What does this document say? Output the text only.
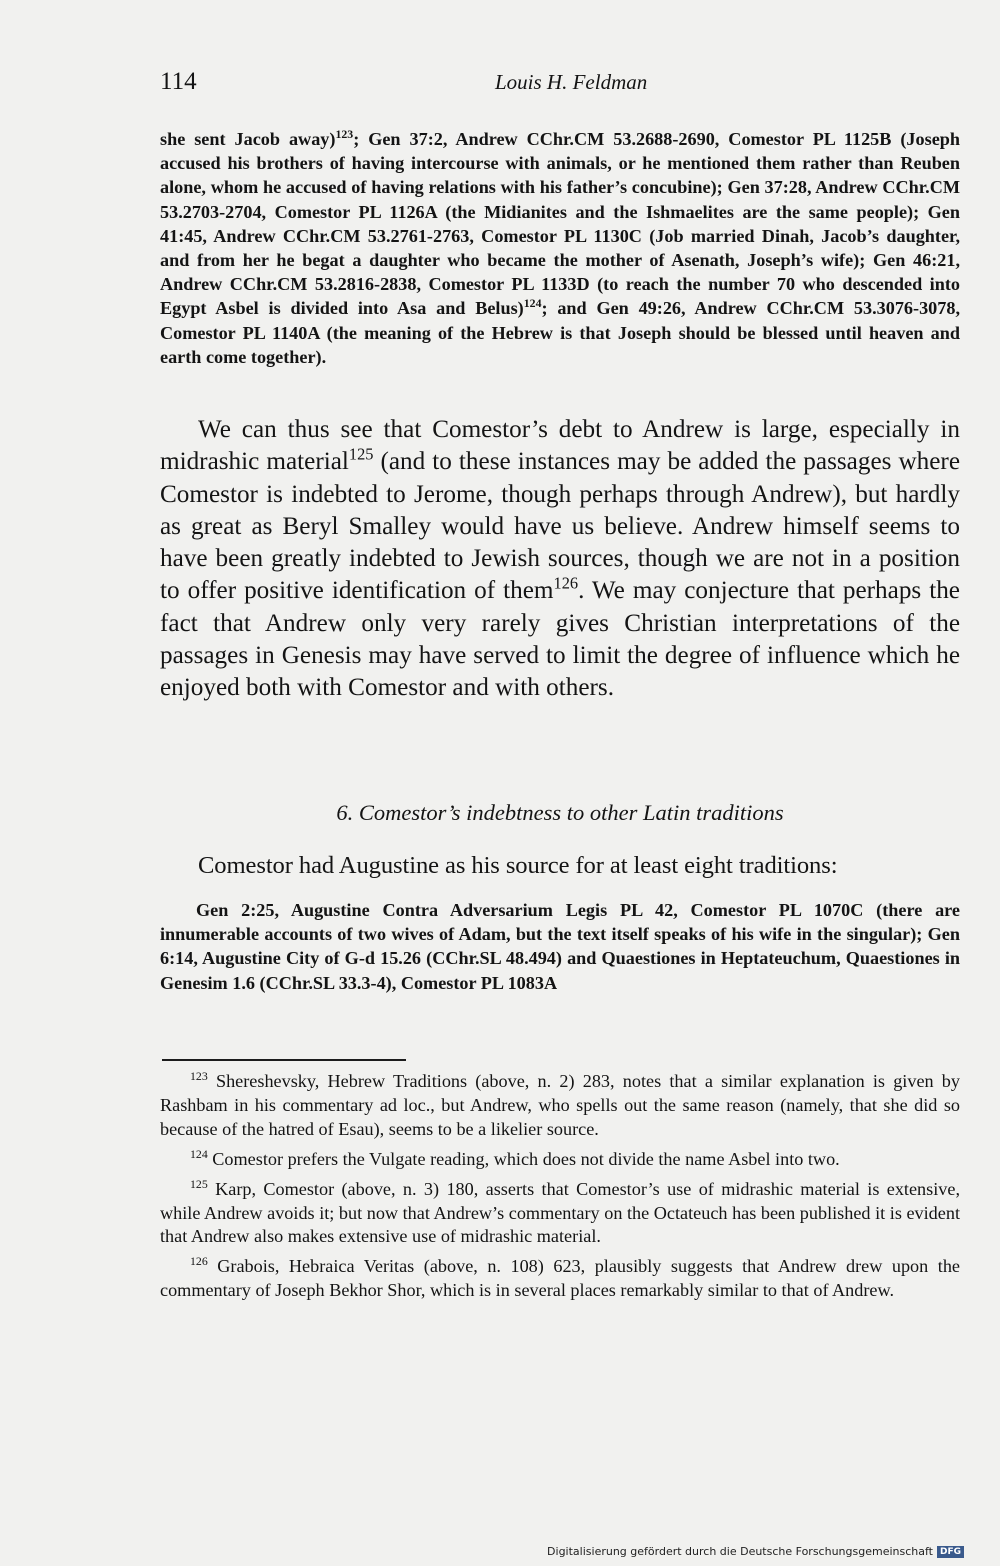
114	Louis H. Feldman

she sent Jacob away)$^{123}$; Gen 37:2, Andrew CChr.CM 53.2688-2690, Comestor PL 1125B (Joseph accused his brothers of having intercourse with animals, or he mentioned them rather than Reuben alone, whom he accused of having relations with his father’s concubine); Gen 37:28, Andrew CChr.CM 53.2703-2704, Comestor PL 1126A (the Midianites and the Ishmaelites are the same people); Gen 41:45, Andrew CChr.CM 53.2761-2763, Comestor PL 1130C (Job married Dinah, Jacob’s daughter, and from her he begat a daughter who became the mother of Asenath, Joseph’s wife); Gen 46:21, Andrew CChr.CM 53.2816-2838, Comestor PL 1133D (to reach the number 70 who descended into Egypt Asbel is divided into Asa and Belus)$^{124}$; and Gen 49:26, Andrew CChr.CM 53.3076-3078, Comestor PL 1140A (the meaning of the Hebrew is that Joseph should be blessed until heaven and earth come together).

We can thus see that Comestor’s debt to Andrew is large, especially in midrashic material$^{125}$ (and to these instances may be added the passages where Comestor is indebted to Jerome, though perhaps through Andrew), but hardly as great as Beryl Smalley would have us believe. Andrew himself seems to have been greatly indebted to Jewish sources, though we are not in a position to offer positive identification of them$^{126}$. We may conjecture that perhaps the fact that Andrew only very rarely gives Christian interpretations of the passages in Genesis may have served to limit the degree of influence which he enjoyed both with Comestor and with others.

6. Comestor’s indebtness to other Latin traditions
Comestor had Augustine as his source for at least eight traditions:

Gen 2:25, Augustine Contra Adversarium Legis PL 42, Comestor PL 1070C (there are innumerable accounts of two wives of Adam, but the text itself speaks of his wife in the singular); Gen 6:14, Augustine City of G-d 15.26 (CChr.SL 48.494) and Quaestiones in Heptateuchum, Quaestiones in Genesim 1.6 (CChr.SL 33.3-4), Comestor PL 1083A

$^{123}$ Shereshevsky, Hebrew Traditions (above, n. 2) 283, notes that a similar explanation is given by Rashbam in his commentary ad loc., but Andrew, who spells out the same reason (namely, that she did so because of the hatred of Esau), seems to be a likelier source.

$^{124}$ Comestor prefers the Vulgate reading, which does not divide the name Asbel into two.

$^{125}$ Karp, Comestor (above, n. 3) 180, asserts that Comestor’s use of midrashic material is extensive, while Andrew avoids it; but now that Andrew’s commentary on the Octateuch has been published it is evident that Andrew also makes extensive use of midrashic material.

$^{126}$ Grabois, Hebraica Veritas (above, n. 108) 623, plausibly suggests that Andrew drew upon the commentary of Joseph Bekhor Shor, which is in several places remarkably similar to that of Andrew.

Digitalisierung gefördert durch die Deutsche Forschungsgemeinschaft DFG
